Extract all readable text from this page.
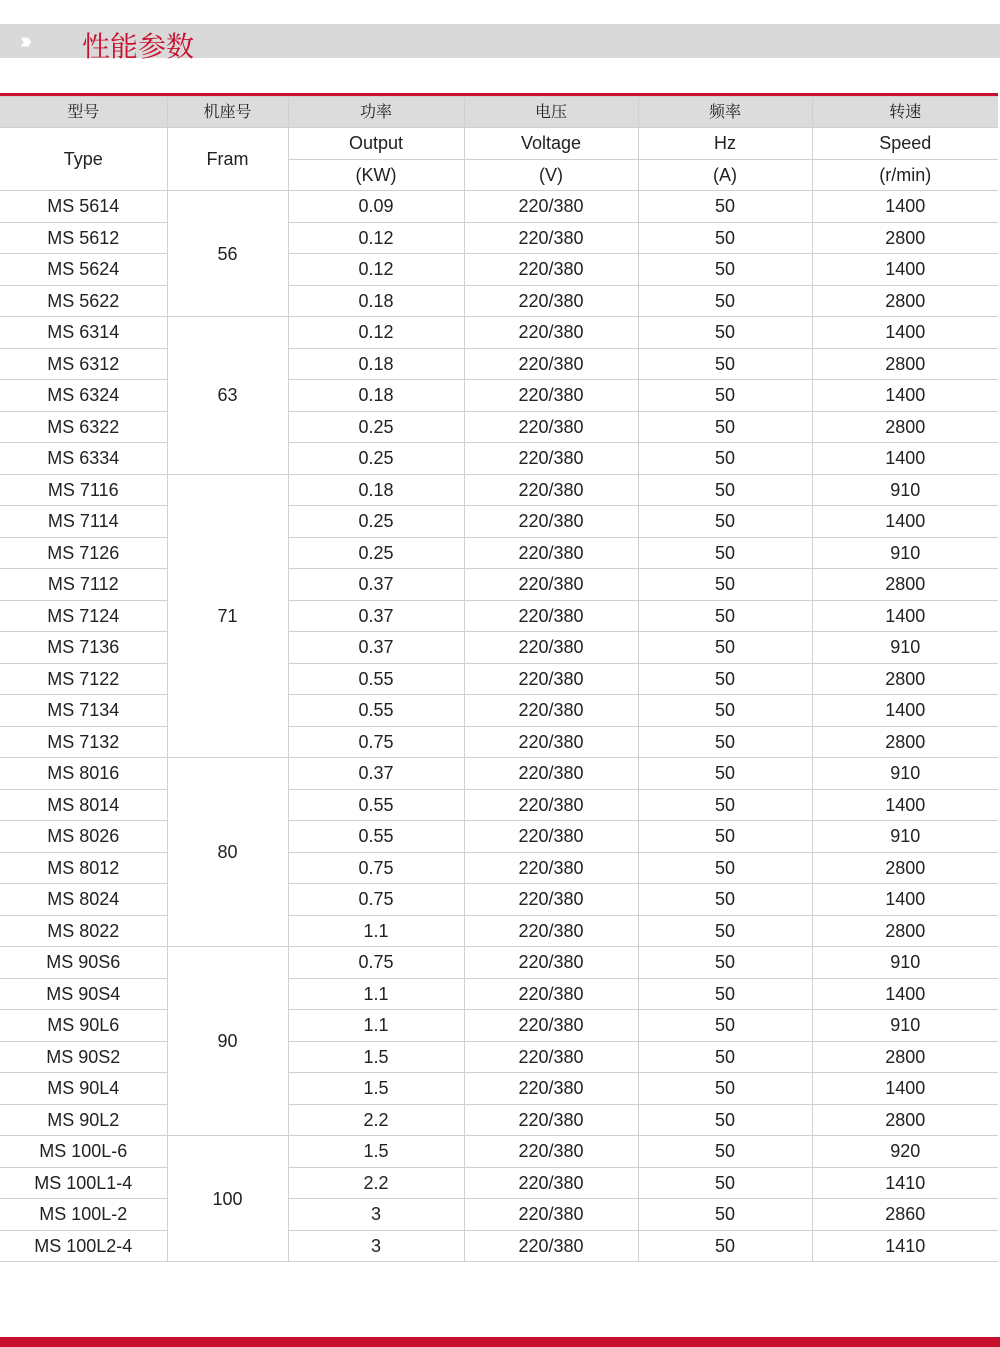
››› 性能参数
型号	机座号	功率	电压	频率	转速
Type	Fram	Output	Voltage	Hz	Speed
		(KW)	(V)	(A)	(r/min)
MS 5614	56	0.09	220/380	50	1400
MS 5612		0.12	220/380	50	2800
MS 5624		0.12	220/380	50	1400
MS 5622		0.18	220/380	50	2800
MS 6314	63	0.12	220/380	50	1400
MS 6312		0.18	220/380	50	2800
MS 6324		0.18	220/380	50	1400
MS 6322		0.25	220/380	50	2800
MS 6334		0.25	220/380	50	1400
MS 7116	71	0.18	220/380	50	910
MS 7114		0.25	220/380	50	1400
MS 7126		0.25	220/380	50	910
MS 7112		0.37	220/380	50	2800
MS 7124		0.37	220/380	50	1400
MS 7136		0.37	220/380	50	910
MS 7122		0.55	220/380	50	2800
MS 7134		0.55	220/380	50	1400
MS 7132		0.75	220/380	50	2800
MS 8016	80	0.37	220/380	50	910
MS 8014		0.55	220/380	50	1400
MS 8026		0.55	220/380	50	910
MS 8012		0.75	220/380	50	2800
MS 8024		0.75	220/380	50	1400
MS 8022		1.1	220/380	50	2800
MS 90S6	90	0.75	220/380	50	910
MS 90S4		1.1	220/380	50	1400
MS 90L6		1.1	220/380	50	910
MS 90S2		1.5	220/380	50	2800
MS 90L4		1.5	220/380	50	1400
MS 90L2		2.2	220/380	50	2800
MS 100L-6	100	1.5	220/380	50	920
MS 100L1-4		2.2	220/380	50	1410
MS 100L-2		3	220/380	50	2860
MS 100L2-4		3	220/380	50	1410
